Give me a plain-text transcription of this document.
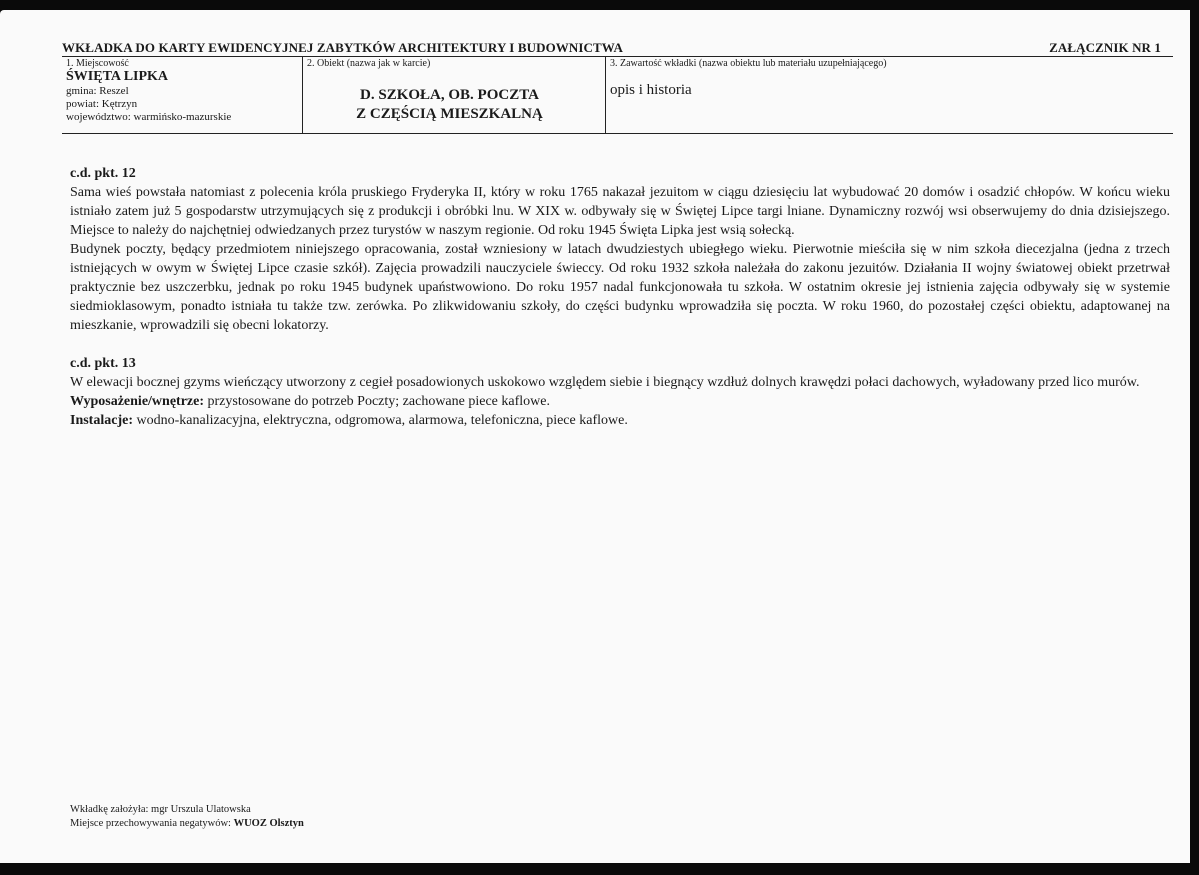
WKŁADKA DO KARTY EWIDENCYJNEJ ZABYTKÓW ARCHITEKTURY I BUDOWNICTWA	ZAŁĄCZNIK NR 1
1. Miejscowość
ŚWIĘTA LIPKA
gmina: Reszel
powiat: Kętrzyn
województwo: warmińsko-mazurskie
2. Obiekt (nazwa jak w karcie)
D. SZKOŁA, OB. POCZTA
Z CZĘŚCIĄ MIESZKALNĄ
3. Zawartość wkładki (nazwa obiektu lub materiału uzupełniającego)
opis i historia
c.d. pkt. 12

Sama wieś powstała natomiast z polecenia króla pruskiego Fryderyka II, który w roku 1765 nakazał jezuitom w ciągu dziesięciu lat wybudować 20 domów i osadzić chłopów. W końcu wieku istniało zatem już 5 gospodarstw utrzymujących się z produkcji i obróbki lnu. W XIX w. odbywały się w Świętej Lipce targi lniane. Dynamiczny rozwój wsi obserwujemy do dnia dzisiejszego. Miejsce to należy do najchętniej odwiedzanych przez turystów w naszym regionie. Od roku 1945 Święta Lipka jest wsią sołecką.

Budynek poczty, będący przedmiotem niniejszego opracowania, został wzniesiony w latach dwudziestych ubiegłego wieku. Pierwotnie mieściła się w nim szkoła diecezjalna (jedna z trzech istniejących w owym w Świętej Lipce czasie szkół). Zajęcia prowadzili nauczyciele świeccy. Od roku 1932 szkoła należała do zakonu jezuitów. Działania II wojny światowej obiekt przetrwał praktycznie bez uszczerbku, jednak po roku 1945 budynek upaństwowiono. Do roku 1957 nadal funkcjonowała tu szkoła. W ostatnim okresie jej istnienia zajęcia odbywały się w systemie siedmioklasowym, ponadto istniała tu także tzw. zerówka. Po zlikwidowaniu szkoły, do części budynku wprowadziła się poczta. W roku 1960, do pozostałej części obiektu, adaptowanej na mieszkanie, wprowadzili się obecni lokatorzy.

c.d. pkt. 13

W elewacji bocznej gzyms wieńczący utworzony z cegieł posadowionych uskokowo względem siebie i biegnący wzdłuż dolnych krawędzi połaci dachowych, wyładowany przed lico murów.

Wyposażenie/wnętrze: przystosowane do potrzeb Poczty; zachowane piece kaflowe.

Instalacje: wodno-kanalizacyjna, elektryczna, odgromowa, alarmowa, telefoniczna, piece kaflowe.

Wkładkę założyła: mgr Urszula Ulatowska
Miejsce przechowywania negatywów: WUOZ Olsztyn
